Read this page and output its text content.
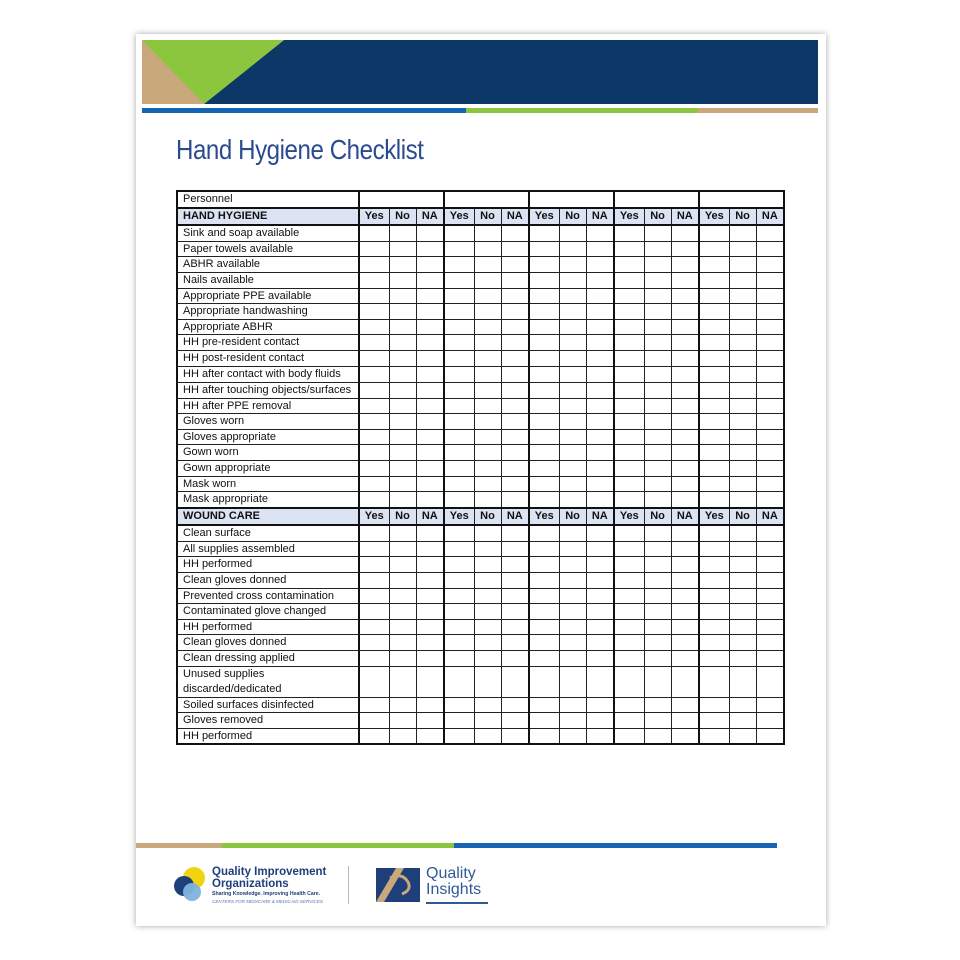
Hand Hygiene Checklist
Personnel															
HAND HYGIENE	Yes	No	NA	Yes	No	NA	Yes	No	NA	Yes	No	NA	Yes	No	NA
Sink and soap available															
Paper towels available															
ABHR available															
Nails available															
Appropriate PPE available															
Appropriate handwashing															
Appropriate ABHR															
HH pre-resident contact															
HH post-resident contact															
HH after contact with body fluids															
HH after touching objects/surfaces															
HH after PPE removal															
Gloves worn															
Gloves appropriate															
Gown worn															
Gown appropriate															
Mask worn															
Mask appropriate															
WOUND CARE	Yes	No	NA	Yes	No	NA	Yes	No	NA	Yes	No	NA	Yes	No	NA
Clean surface															
All supplies assembled															
HH performed															
Clean gloves donned															
Prevented cross contamination															
Contaminated glove changed															
HH performed															
Clean gloves donned															
Clean dressing applied															
Unused supplies discarded/dedicated															
Soiled surfaces disinfected															
Gloves removed															
HH performed															
Quality Improvement
Organizations
Sharing Knowledge. Improving Health Care.
CENTERS FOR MEDICARE & MEDICAID SERVICES
Quality
Insights
